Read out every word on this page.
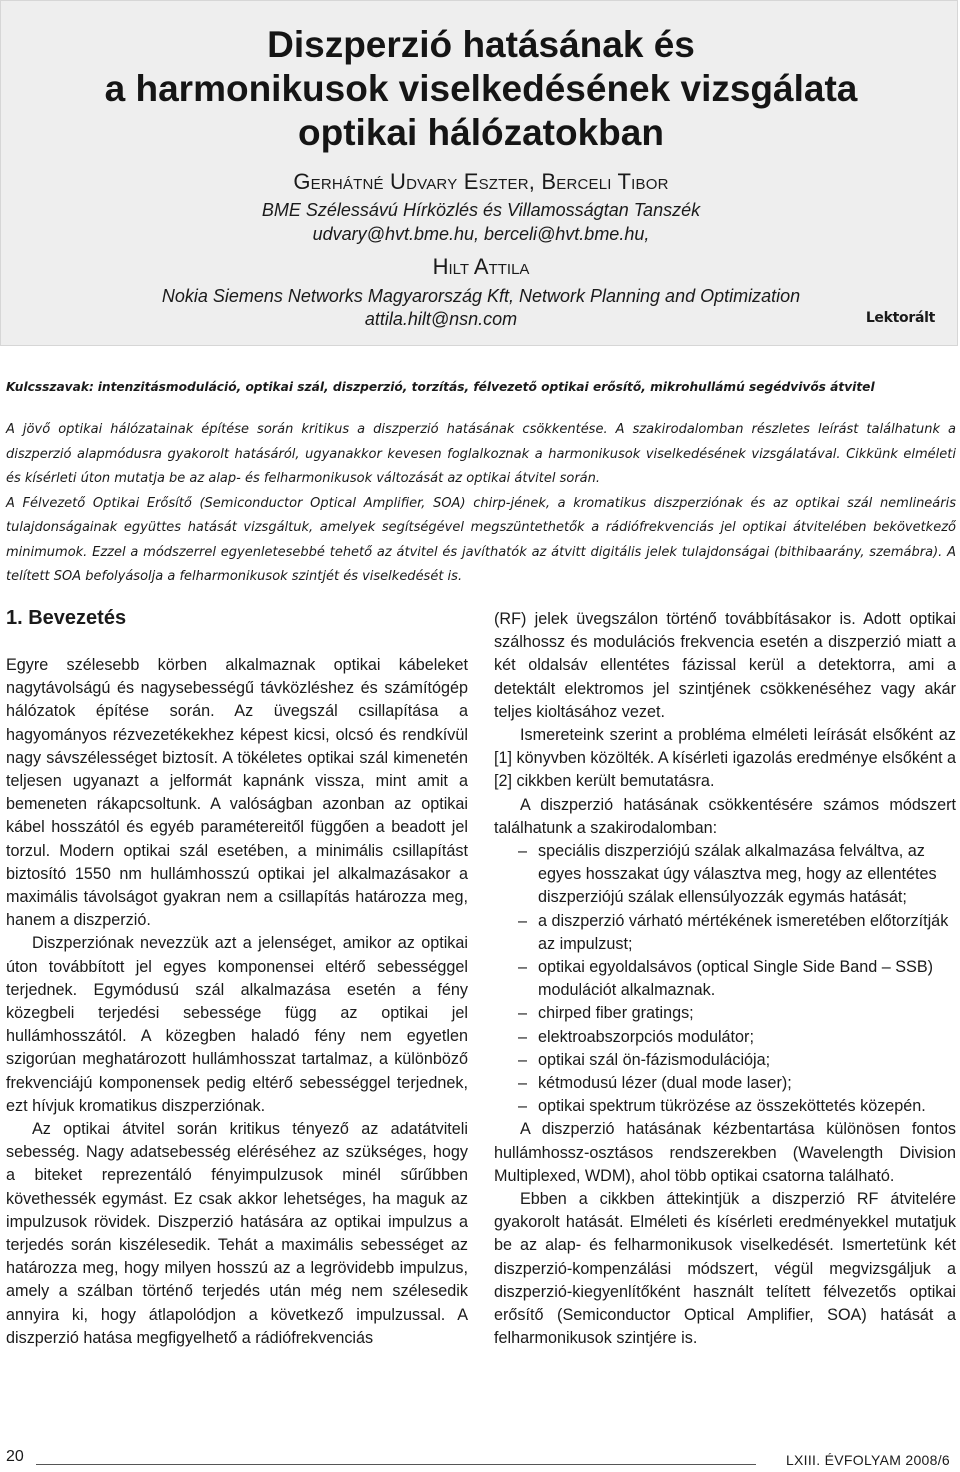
Diszperzió hatásának és
a harmonikusok viselkedésének vizsgálata
optikai hálózatokban
Gerhátné Udvary Eszter, Berceli Tibor
BME Szélessávú Hírközlés és Villamosságtan Tanszék
udvary@hvt.bme.hu, berceli@hvt.bme.hu,
Hilt Attila
Nokia Siemens Networks Magyarország Kft, Network Planning and Optimization
attila.hilt@nsn.com	Lektorált
Kulcsszavak: intenzitásmoduláció, optikai szál, diszperzió, torzítás, félvezető optikai erősítő, mikrohullámú segédvivős átvitel

A jövő optikai hálózatainak építése során kritikus a diszperzió hatásának csökkentése. A szakirodalomban részletes leírást találhatunk a diszperzió alapmódusra gyakorolt hatásáról, ugyanakkor kevesen foglalkoznak a harmonikusok viselkedésének vizsgálatával. Cikkünk elméleti és kísérleti úton mutatja be az alap- és felharmonikusok változását az optikai átvitel során.

A Félvezető Optikai Erősítő (Semiconductor Optical Amplifier, SOA) chirp-jének, a kromatikus diszperziónak és az optikai szál nemlineáris tulajdonságainak együttes hatását vizsgáltuk, amelyek segítségével megszüntethetők a rádiófrekvenciás jel optikai átvitelében bekövetkező minimumok. Ezzel a módszerrel egyenletesebbé tehető az átvitel és javíthatók az átvitt digitális jelek tulajdonságai (bithibaarány, szemábra). A telített SOA befolyásolja a felharmonikusok szintjét és viselkedését is.

1. Bevezetés

Egyre szélesebb körben alkalmaznak optikai kábeleket nagytávolságú és nagysebességű távközléshez és számítógép hálózatok építése során. Az üvegszál csillapítása a hagyományos rézvezetékekhez képest kicsi, olcsó és rendkívül nagy sávszélességet biztosít. A tökéletes optikai szál kimenetén teljesen ugyanazt a jelformát kapnánk vissza, mint amit a bemeneten rákapcsoltunk. A valóságban azonban az optikai kábel hosszától és egyéb paramétereitől függően a beadott jel torzul. Modern optikai szál esetében, a minimális csillapítást biztosító 1550 nm hullámhosszú optikai jel alkalmazásakor a maximális távolságot gyakran nem a csillapítás határozza meg, hanem a diszperzió.

Diszperziónak nevezzük azt a jelenséget, amikor az optikai úton továbbított jel egyes komponensei eltérő sebességgel terjednek. Egymódusú szál alkalmazása esetén a fény közegbeli terjedési sebessége függ az optikai jel hullámhosszától. A közegben haladó fény nem egyetlen szigorúan meghatározott hullámhosszat tartalmaz, a különböző frekvenciájú komponensek pedig eltérő sebességgel terjednek, ezt hívjuk kromatikus diszperziónak.

Az optikai átvitel során kritikus tényező az adatátviteli sebesség. Nagy adatsebesség eléréséhez az szükséges, hogy a biteket reprezentáló fényimpulzusok minél sűrűbben követhessék egymást. Ez csak akkor lehetséges, ha maguk az impulzusok rövidek. Diszperzió hatására az optikai impulzus a terjedés során kiszélesedik. Tehát a maximális sebességet az határozza meg, hogy milyen hosszú az a legrövidebb impulzus, amely a szálban történő terjedés után még nem szélesedik annyira ki, hogy átlapolódjon a következő impulzussal. A diszperzió hatása megfigyelhető a rádiófrekvenciás

(RF) jelek üvegszálon történő továbbításakor is. Adott optikai szálhossz és modulációs frekvencia esetén a diszperzió miatt a két oldalsáv ellentétes fázissal kerül a detektorra, ami a detektált elektromos jel szintjének csökkenéséhez vagy akár teljes kioltásához vezet.

Ismereteink szerint a probléma elméleti leírását elsőként az [1] könyvben közölték. A kísérleti igazolás eredménye elsőként a [2] cikkben került bemutatásra.

A diszperzió hatásának csökkentésére számos módszert találhatunk a szakirodalomban:

– speciális diszperziójú szálak alkalmazása felváltva, az egyes hosszakat úgy választva meg, hogy az ellentétes diszperziójú szálak ellensúlyozzák egymás hatását;
– a diszperzió várható mértékének ismeretében előtorzítják az impulzust;
– optikai egyoldalsávos (optical Single Side Band – SSB) modulációt alkalmaznak.
– chirped fiber gratings;
– elektroabszorpciós modulátor;
– optikai szál ön-fázismodulációja;
– kétmodusú lézer (dual mode laser);
– optikai spektrum tükrözése az összeköttetés közepén.

A diszperzió hatásának kézbentartása különösen fontos hullámhossz-osztásos rendszerekben (Wavelength Division Multiplexed, WDM), ahol több optikai csatorna található.

Ebben a cikkben áttekintjük a diszperzió RF átvitelére gyakorolt hatását. Elméleti és kísérleti eredményekkel mutatjuk be az alap- és felharmonikusok viselkedését. Ismertetünk két diszperzió-kompenzálási módszert, végül megvizsgáljuk a diszperzió-kiegyenlítőként használt telített félvezetős optikai erősítő (Semiconductor Optical Amplifier, SOA) hatását a felharmonikusok szintjére is.

20	LXIII. ÉVFOLYAM 2008/6
